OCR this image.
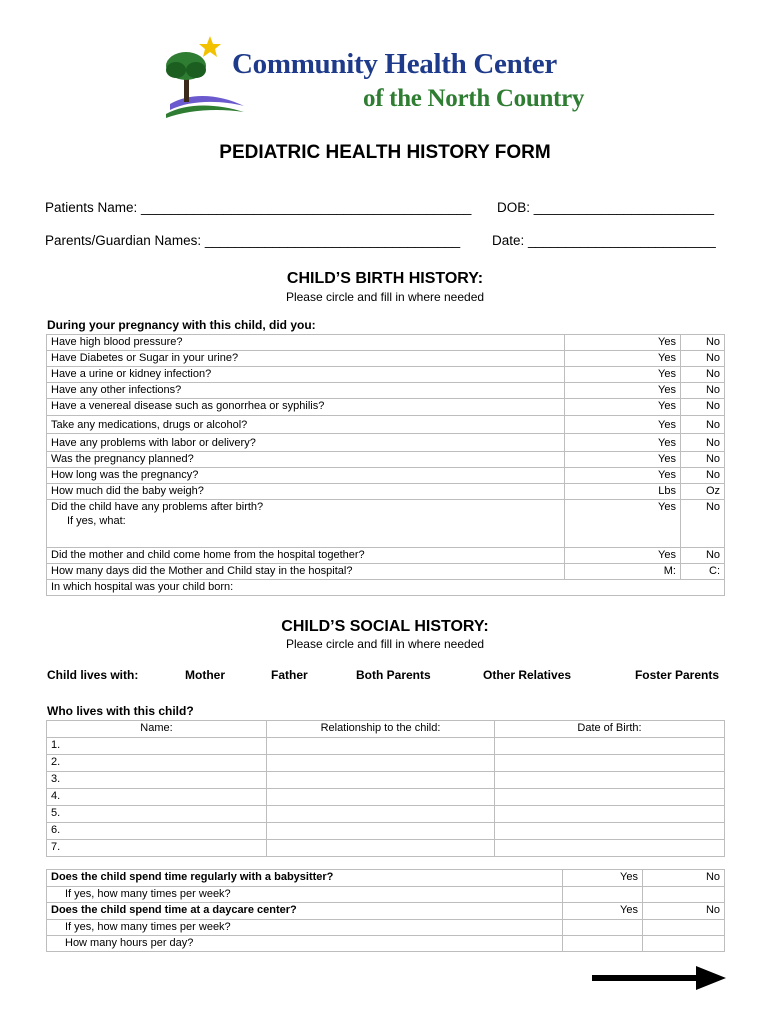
Community Health Center
of the North Country
PEDIATRIC HEALTH HISTORY FORM
Patients Name: ____________________________________________	DOB: ________________________
Parents/Guardian Names: __________________________________	Date: _________________________
CHILD’S BIRTH HISTORY:
Please circle and fill in where needed
During your pregnancy with this child, did you:
Have high blood pressure?	Yes	No
Have Diabetes or Sugar in your urine?	Yes	No
Have a urine or kidney infection?	Yes	No
Have any other infections?	Yes	No
Have a venereal disease such as gonorrhea or syphilis?	Yes	No
Take any medications, drugs or alcohol?	Yes	No
Have any problems with labor or delivery?	Yes	No
Was the pregnancy planned?	Yes	No
How long was the pregnancy?	Yes	No
How much did the baby weigh?	Lbs	Oz

Did the child have any problems after birth?
If yes, what:	Yes	No
Did the mother and child come home from the hospital together?	Yes	No
How many days did the Mother and Child stay in the hospital?	M:	C:
In which hospital was your child born:		
CHILD’S SOCIAL HISTORY:
Please circle and fill in where needed
Child lives with:	Mother	Father	Both Parents	Other Relatives	Foster Parents
Who lives with this child?
Name:	Relationship to the child:	Date of Birth:
1.		
2.		
3.		
4.		
5.		
6.		
7.		
Does the child spend time regularly with a babysitter?	Yes	No
If yes, how many times per week?		
Does the child spend time at a daycare center?	Yes	No
If yes, how many times per week?		
How many hours per day?		
